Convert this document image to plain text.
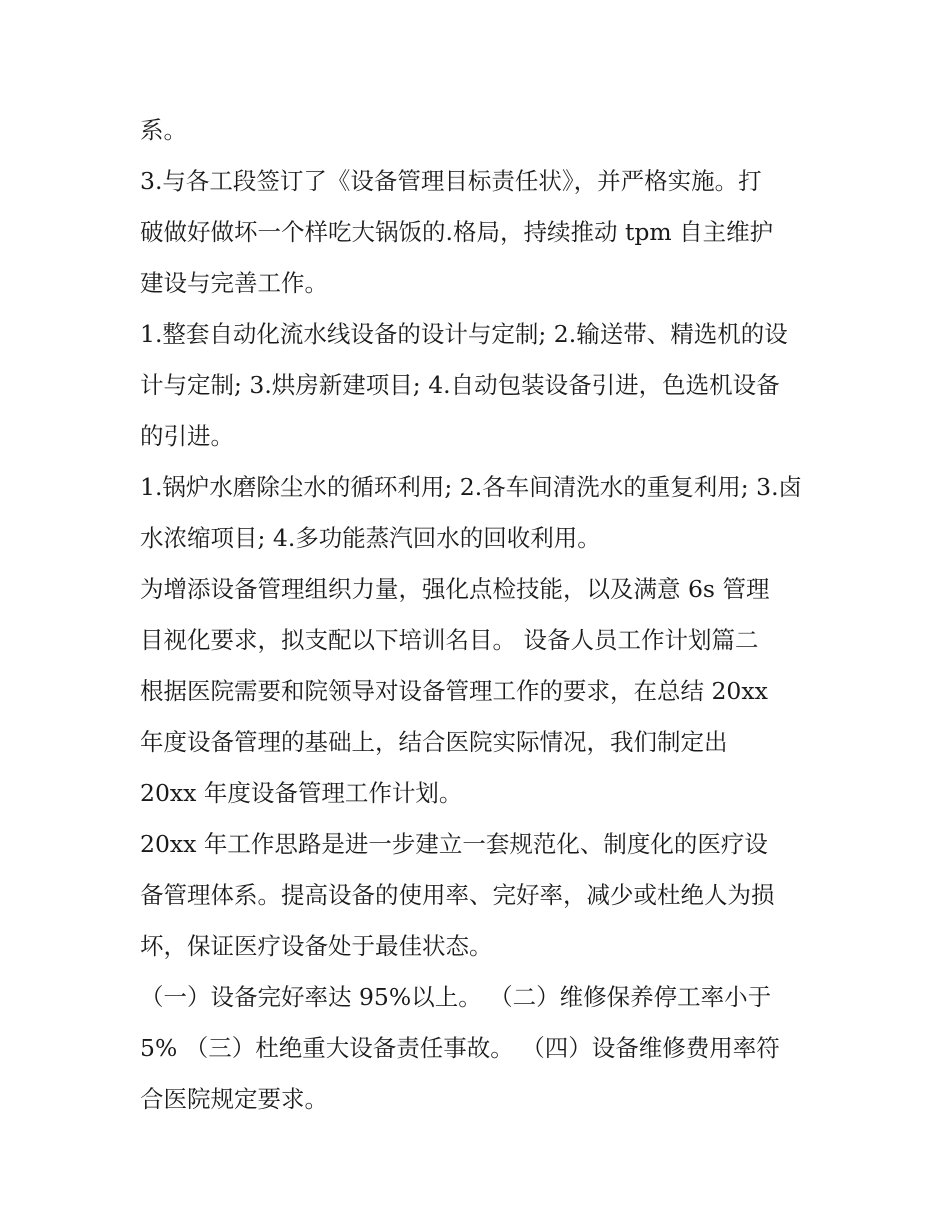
系。

3.与各工段签订了《设备管理目标责任状》，并严格实施。打
破做好做坏一个样吃大锅饭的.格局，持续推动 tpm 自主维护
建设与完善工作。

1.整套自动化流水线设备的设计与定制; 2.输送带、精选机的设
计与定制; 3.烘房新建项目; 4.自动包装设备引进，色选机设备
的引进。

1.锅炉水磨除尘水的循环利用; 2.各车间清洗水的重复利用; 3.卤
水浓缩项目; 4.多功能蒸汽回水的回收利用。

为增添设备管理组织力量，强化点检技能，以及满意 6s 管理
目视化要求，拟支配以下培训名目。 设备人员工作计划篇二
根据医院需要和院领导对设备管理工作的要求，在总结 20xx
年度设备管理的基础上，结合医院实际情况，我们制定出
20xx 年度设备管理工作计划。

20xx 年工作思路是进一步建立一套规范化、制度化的医疗设
备管理体系。提高设备的使用率、完好率，减少或杜绝人为损
坏，保证医疗设备处于最佳状态。

（一）设备完好率达 95%以上。 （二）维修保养停工率小于
5% （三）杜绝重大设备责任事故。 （四）设备维修费用率符
合医院规定要求。
